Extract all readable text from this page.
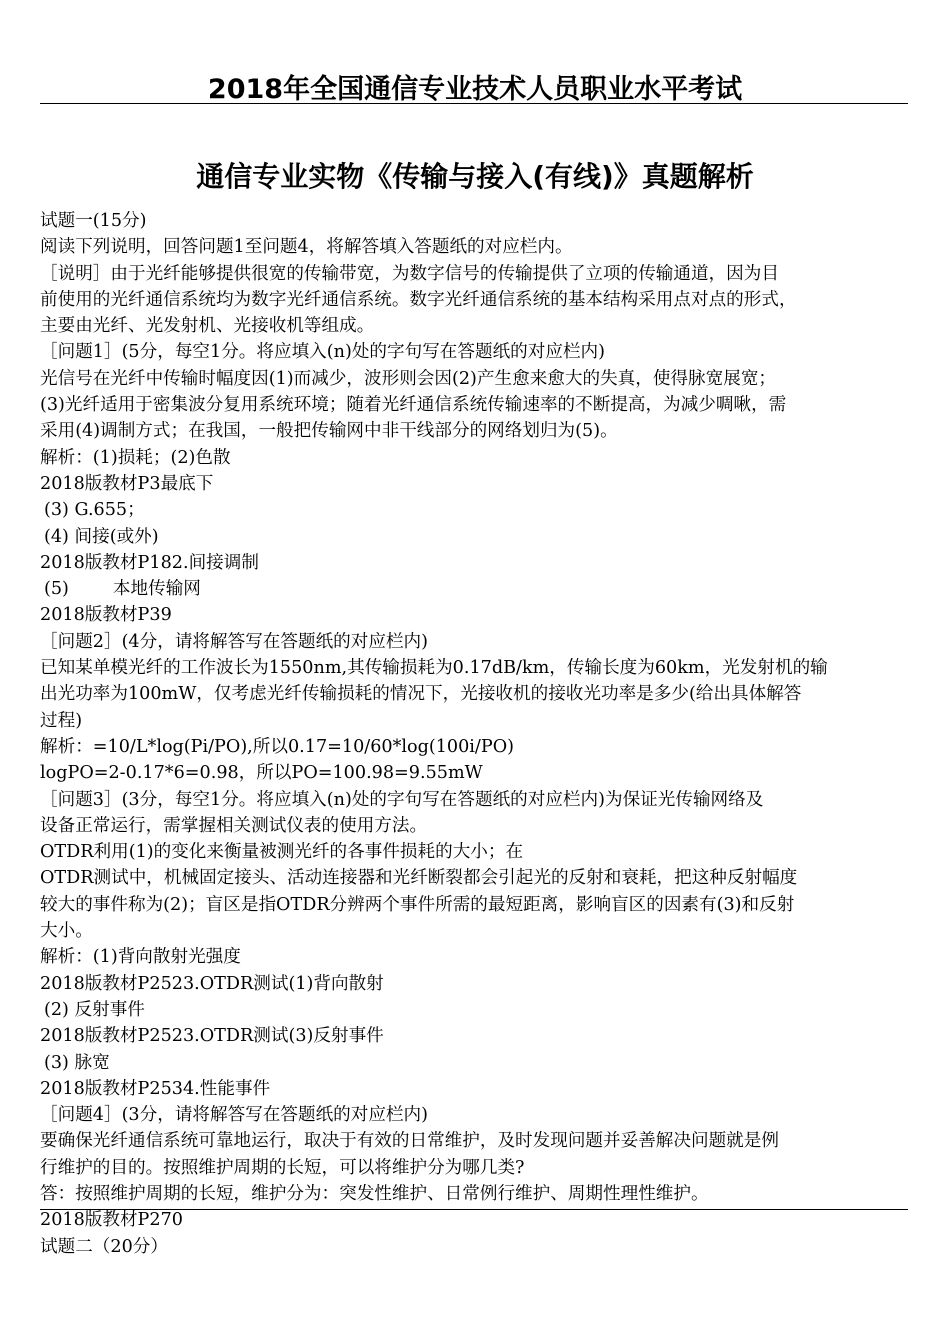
2018年全国通信专业技术人员职业水平考试
通信专业实物《传输与接入(有线)》真题解析
试题一(15分)
阅读下列说明，回答问题1至问题4，将解答填入答题纸的对应栏内。
［说明］由于光纤能够提供很宽的传输带宽，为数字信号的传输提供了立项的传输通道，因为目
前使用的光纤通信系统均为数字光纤通信系统。数字光纤通信系统的基本结构采用点对点的形式，
主要由光纤、光发射机、光接收机等组成。
［问题1］(5分，每空1分。将应填入(n)处的字句写在答题纸的对应栏内)
光信号在光纤中传输时幅度因(1)而减少，波形则会因(2)产生愈来愈大的失真，使得脉宽展宽；
(3)光纤适用于密集波分复用系统环境；随着光纤通信系统传输速率的不断提高，为减少啁啾，需
采用(4)调制方式；在我国，一般把传输网中非干线部分的网络划归为(5)。
解析：(1)损耗；(2)色散
2018版教材P3最底下
(3) G.655；
(4) 间接(或外)
2018版教材P182.间接调制
(5)	本地传输网
2018版教材P39
［问题2］(4分，请将解答写在答题纸的对应栏内)
已知某单模光纤的工作波长为1550nm,其传输损耗为0.17dB/km，传输长度为60km，光发射机的输
出光功率为100mW，仅考虑光纤传输损耗的情况下，光接收机的接收光功率是多少(给出具体解答
过程)
解析：=10/L*log(Pi/PO),所以0.17=10/60*log(100i/PO)
logPO=2-0.17*6=0.98，所以PO=100.98=9.55mW
［问题3］(3分，每空1分。将应填入(n)处的字句写在答题纸的对应栏内)为保证光传输网络及
设备正常运行，需掌握相关测试仪表的使用方法。
OTDR利用(1)的变化来衡量被测光纤的各事件损耗的大小；在
OTDR测试中，机械固定接头、活动连接器和光纤断裂都会引起光的反射和衰耗，把这种反射幅度
较大的事件称为(2)；盲区是指OTDR分辨两个事件所需的最短距离，影响盲区的因素有(3)和反射
大小。
解析：(1)背向散射光强度
2018版教材P2523.OTDR测试(1)背向散射
(2) 反射事件
2018版教材P2523.OTDR测试(3)反射事件
(3) 脉宽
2018版教材P2534.性能事件
［问题4］(3分，请将解答写在答题纸的对应栏内)
要确保光纤通信系统可靠地运行，取决于有效的日常维护，及时发现问题并妥善解决问题就是例
行维护的目的。按照维护周期的长短，可以将维护分为哪几类?
答：按照维护周期的长短，维护分为：突发性维护、日常例行维护、周期性理性维护。
2018版教材P270
试题二（20分）
